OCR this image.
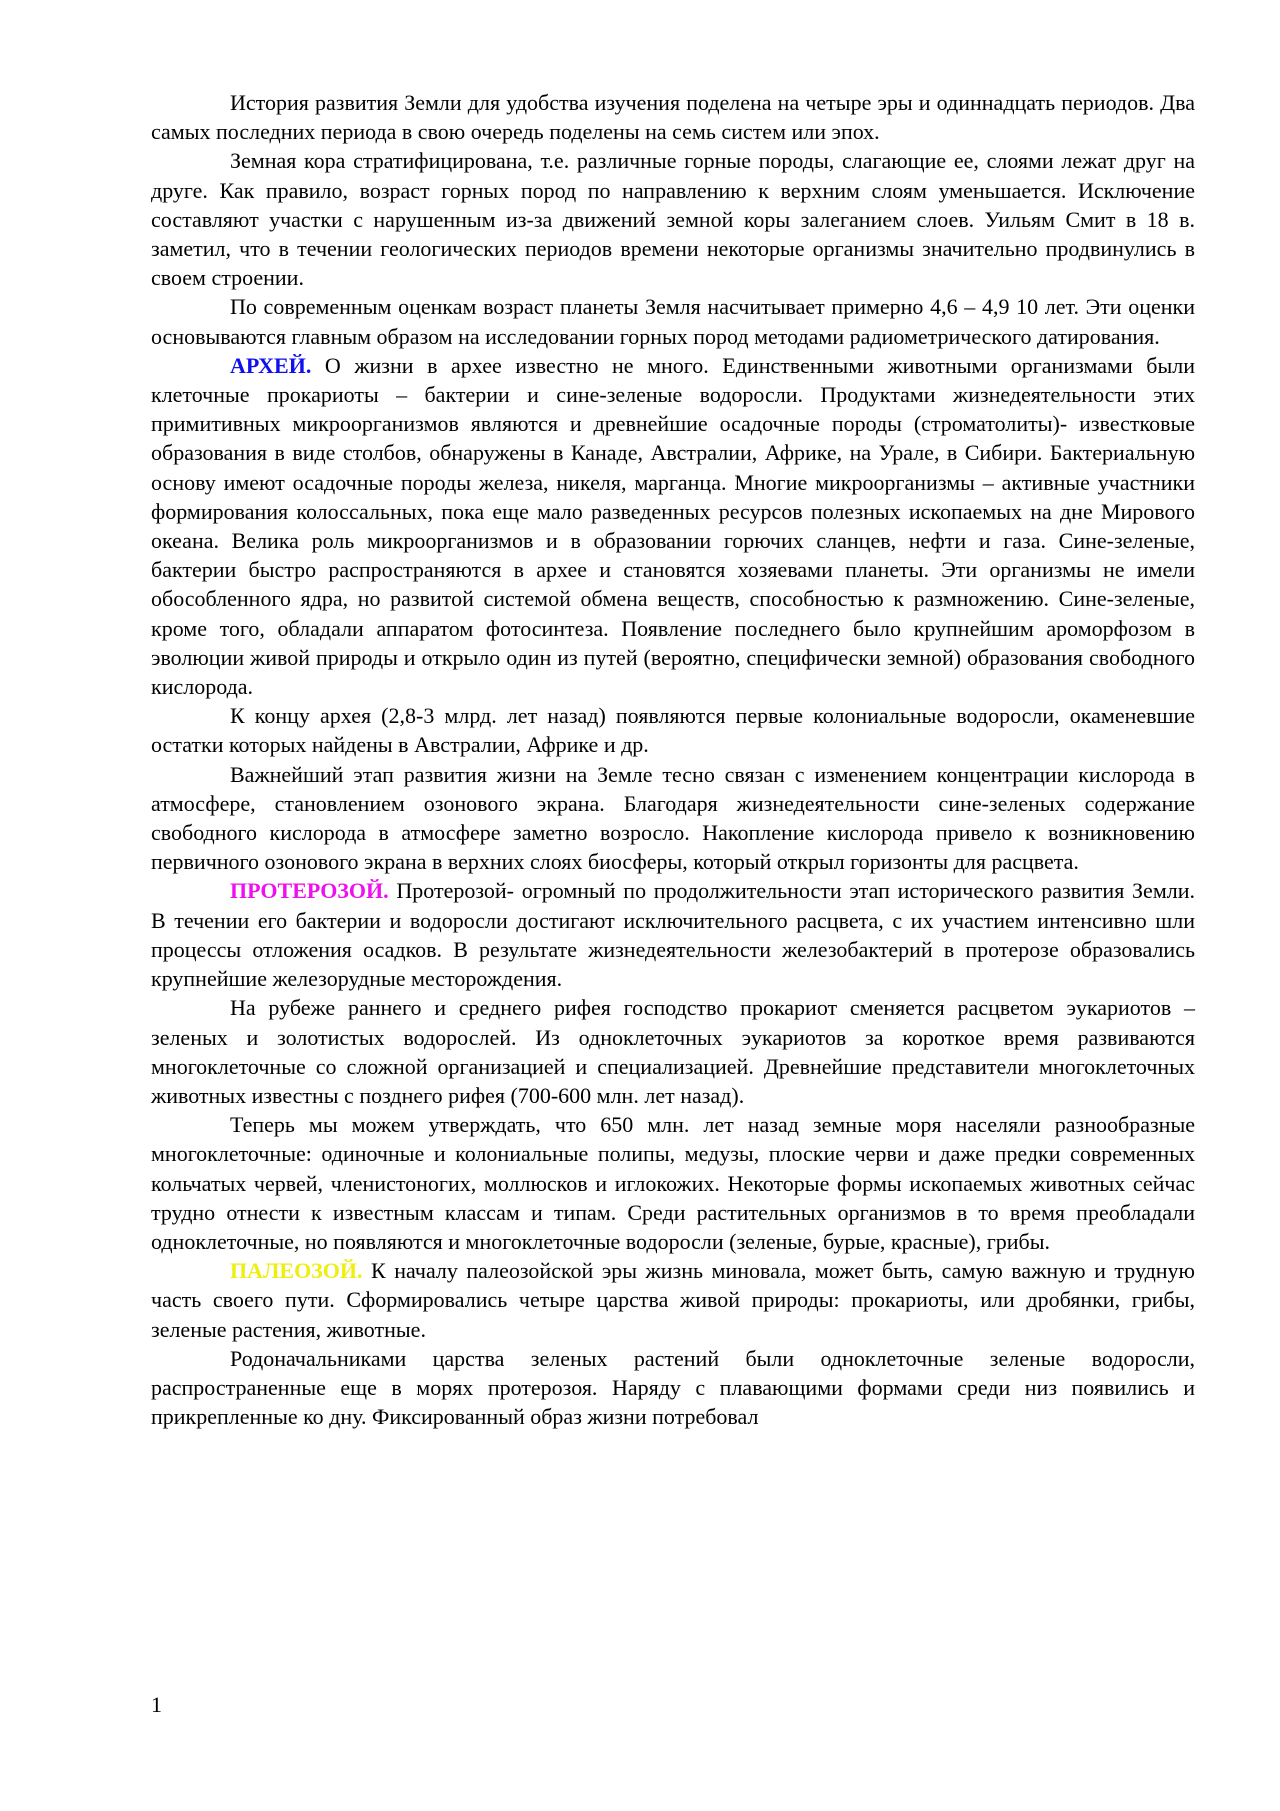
История развития Земли для удобства изучения поделена на четыре эры и одиннадцать периодов. Два самых последних периода в свою очередь поделены на семь систем или эпох.

Земная кора стратифицирована, т.е. различные горные породы, слагающие ее, слоями лежат друг на друге. Как правило, возраст горных пород по направлению к верхним слоям уменьшается. Исключение составляют участки с нарушенным из-за движений земной коры залеганием слоев. Уильям Смит в 18 в. заметил, что в течении геологических периодов времени некоторые организмы значительно продвинулись в своем строении.

По современным оценкам возраст планеты Земля насчитывает примерно 4,6 – 4,9 10 лет. Эти оценки основываются главным образом на исследовании горных пород методами радиометрического датирования.

АРХЕЙ. О жизни в архее известно не много. Единственными животными организмами были клеточные прокариоты – бактерии и сине-зеленые водоросли. Продуктами жизнедеятельности этих примитивных микроорганизмов являются и древнейшие осадочные породы (строматолиты)- известковые образования в виде столбов, обнаружены в Канаде, Австралии, Африке, на Урале, в Сибири. Бактериальную основу имеют осадочные породы железа, никеля, марганца. Многие микроорганизмы – активные участники формирования колоссальных, пока еще мало разведенных ресурсов полезных ископаемых на дне Мирового океана. Велика роль микроорганизмов и в образовании горючих сланцев, нефти и газа. Сине-зеленые, бактерии быстро распространяются в архее и становятся хозяевами планеты. Эти организмы не имели обособленного ядра, но развитой системой обмена веществ, способностью к размножению. Сине-зеленые, кроме того, обладали аппаратом фотосинтеза. Появление последнего было крупнейшим ароморфозом в эволюции живой природы и открыло один из путей (вероятно, специфически земной) образования свободного кислорода.

К концу архея (2,8-3 млрд. лет назад) появляются первые колониальные водоросли, окаменевшие остатки которых найдены в Австралии, Африке и др.

Важнейший этап развития жизни на Земле тесно связан с изменением концентрации кислорода в атмосфере, становлением озонового экрана. Благодаря жизнедеятельности сине-зеленых содержание свободного кислорода в атмосфере заметно возросло. Накопление кислорода привело к возникновению первичного озонового экрана в верхних слоях биосферы, который открыл горизонты для расцвета.

ПРОТЕРОЗОЙ. Протерозой- огромный по продолжительности этап исторического развития Земли. В течении его бактерии и водоросли достигают исключительного расцвета, с их участием интенсивно шли процессы отложения осадков. В результате жизнедеятельности железобактерий в протерозе образовались крупнейшие железорудные месторождения.

На рубеже раннего и среднего рифея господство прокариот сменяется расцветом эукариотов – зеленых и золотистых водорослей. Из одноклеточных эукариотов за короткое время развиваются многоклеточные со сложной организацией и специализацией. Древнейшие представители многоклеточных животных известны с позднего рифея (700-600 млн. лет назад).

Теперь мы можем утверждать, что 650 млн. лет назад земные моря населяли разнообразные многоклеточные: одиночные и колониальные полипы, медузы, плоские черви и даже предки современных кольчатых червей, членистоногих, моллюсков и иглокожих. Некоторые формы ископаемых животных сейчас трудно отнести к известным классам и типам. Среди растительных организмов в то время преобладали одноклеточные, но появляются и многоклеточные водоросли (зеленые, бурые, красные), грибы.

ПАЛЕОЗОЙ. К началу палеозойской эры жизнь миновала, может быть, самую важную и трудную часть своего пути. Сформировались четыре царства живой природы: прокариоты, или дробянки, грибы, зеленые растения, животные.

Родоначальниками царства зеленых растений были одноклеточные зеленые водоросли, распространенные еще в морях протерозоя. Наряду с плавающими формами среди низ появились и прикрепленные ко дну. Фиксированный образ жизни потребовал

1
